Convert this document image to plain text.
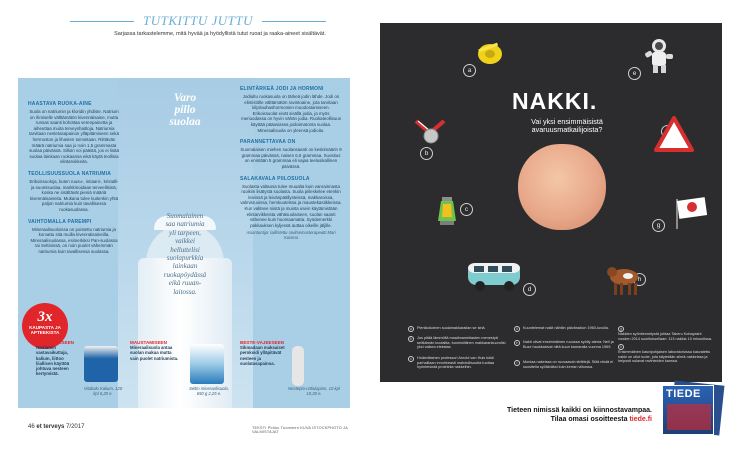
TUTKITTU JUTTU
Sarjassa tarkastelemme, mitä hyvää ja hyödyllistä tutut ruoat ja raaka-aineet sisältävät.
Varo
pillo
suolaa
Suomalainen
saa natriumia
yli tarpeen,
vaikkei
helluttelisi
suolapurkkia
lainkaan
ruokapöydässä
eikä ruuan-
laitossa.
HAASTAVA RUOKA-AINE
Suola on natriumin ja kloridin yhdiste. Natrium on ihmiselle välttämätön kivennäisaine, mutta runsas saanti kohottaa verenpainetta ja aiheuttaa muita terveyshaittoja. Natriumia tarvitaan nestetasapainon ylläpitämiseen sekä hermoston ja lihasten toimintaan. Riittävän määrä natriumia saa jo noin 1,5 grammasta suolaa päivässä. Silloin voi päästä, jos ei lisää suolaa lainkaan ruokaansa eikä käytä teollisia elintarvikkeita.
TEOLLISUUSSUOLA NATRIUMIA
Erikoissuoloja, kuten ruusu-, intiaani-, kristalli- ja suomisuolaa, markkinoidaan terveellisinä, koska ne sisältävät pieniä määriä kivennäisaineita. Mukana tulee kuitenkin yhtä paljon natriumia kuin tavallisessa ruokasuolassa.
VAIHTOMALLA PAREMPI
Mineraalisuoloissa on poistettu natriumia ja korvattu sitä muilla kivennäisaineilla. Mineraalisuolassa, esimerkiksi Pan-suolassa tai Seltinissä, on noin puolet vähemmän natriumia kuin tavallisessa suolassa.
ELINTÄRKEÄ JODI JA HORMONI
Jodiultu ruokasuola on tärkeä jodin lähde. Jodi on elimistölle välttämätön ravintoaine, jota tarvitaan kilpirauhashormonien muodostamiseen. Erikoissuolat eivät sisällä jodia, ja myös meriuodassa on hyvin vähän jodia. Ruokateollisuus käyttää pääasiassa jodioimatonta suolaa. Mineraalisuola on yleensä jodioitu.
PARANNETTAVAA ON
Suomalaisen miehen suolansaanti on keskimäärin 9 grammaa päivässä, naisen 6,5 grammaa. Suositus on enintään 5 grammaa eli vajaa teelusikallinen päivässä.
SALAKAVALA PIILOSUOLA
Suolasta valtaosa tulee muualta kuin vanrainnasta ruoikiin lisätystä suolasta. Suola piileskelee etenkin leivissä ja leivänpäällysteissä, makkaroissa, valmisruoissa, hemkuutelssa ja maustekastikkeissa. Kun valitsee niistä ja muista usein käytämistään elintarvikkeista vähäsuolaiseen, suolan saanti vähenee kuin huomaamatta. Syödemerkki pakkauksen kyljessä auttaa oikeille jäljille.
Asiantuntija: laillistettu ravitsemusterapeutti Mari Kuisma
3x
KAUPASTA JA
APTEEKISTA
TURVOTUKSEEN
Natriumin vastavaikuttaja, kalium, liittoo liiallisen käyttöä johtuva nesteen kertymistä.
Vitabalo Kalium, 120 kpl 6,20 e.
MAUSTAMISEEN
Mineraalisuola antaa suolan makua mutta vain puolet natriumista.
Seltin mineraalisuola, 650 g 2,25 e.
BESTE-VAJEESEEN
Sikmadaan maksaiset peroksidi ylläpitävät nesteen ja suolatasapainoa.
Nestepto-nittiulapinn, 10 kpl 10,30 e.
46 et terveys 7/2017	TEKSTI Pirkko Tuominen KUVA ISTOCKPHOTO JA VALMISTAJAT
a
b
c
d
e
g
h
NAKKI.
Vai yksi ensimmäisistä avaruusmatkailijoista?
a Pienikokoinen suolamakkaraitan se sinä.
b Jos pitää lämmöllä maailmanmitasten menestyä seitkämän kuolaitta, tuomioiltiinen makkarankuorolisi yksi vaikea elekstas.
c Hollantilainen professori Arnold van Huis tutkii parhaillaan innohkeasti mahdollisuutta tuottaa hyönteisistä proteiinia nakkeihin.
d Kuuntelemat nakit nähtiin päiväradion 1960-luvulla.
e Nakit olivat ensimmäinen ruoussa syötiy ateria: Neil ja Buzz haukkasivat niitä kuun kamaralla vuonna 1969.
f Moniaa nakeissa on ruuvaavat nitriittejä. Siitä niistä ei suositella syötäväksi kuin kerran viikossa.
gNakkien syöntienmitystä johtaa Takeru Kobayashi vuoden 2014 suorituksellaan: 113 nakkia 10 minuutissa.
hEnsimmäinen kasvipohjaisen laboratoriossa kasvatettu nakki on ollut tuote, jota käytetään silmä-nakkeissa ja helposti sulavat ravinteiden kanssa.
Tieteen nimissä kaikki on kiinnostavampaa.
Tilaa omasi osoitteesta tiede.fi
TIEDE
